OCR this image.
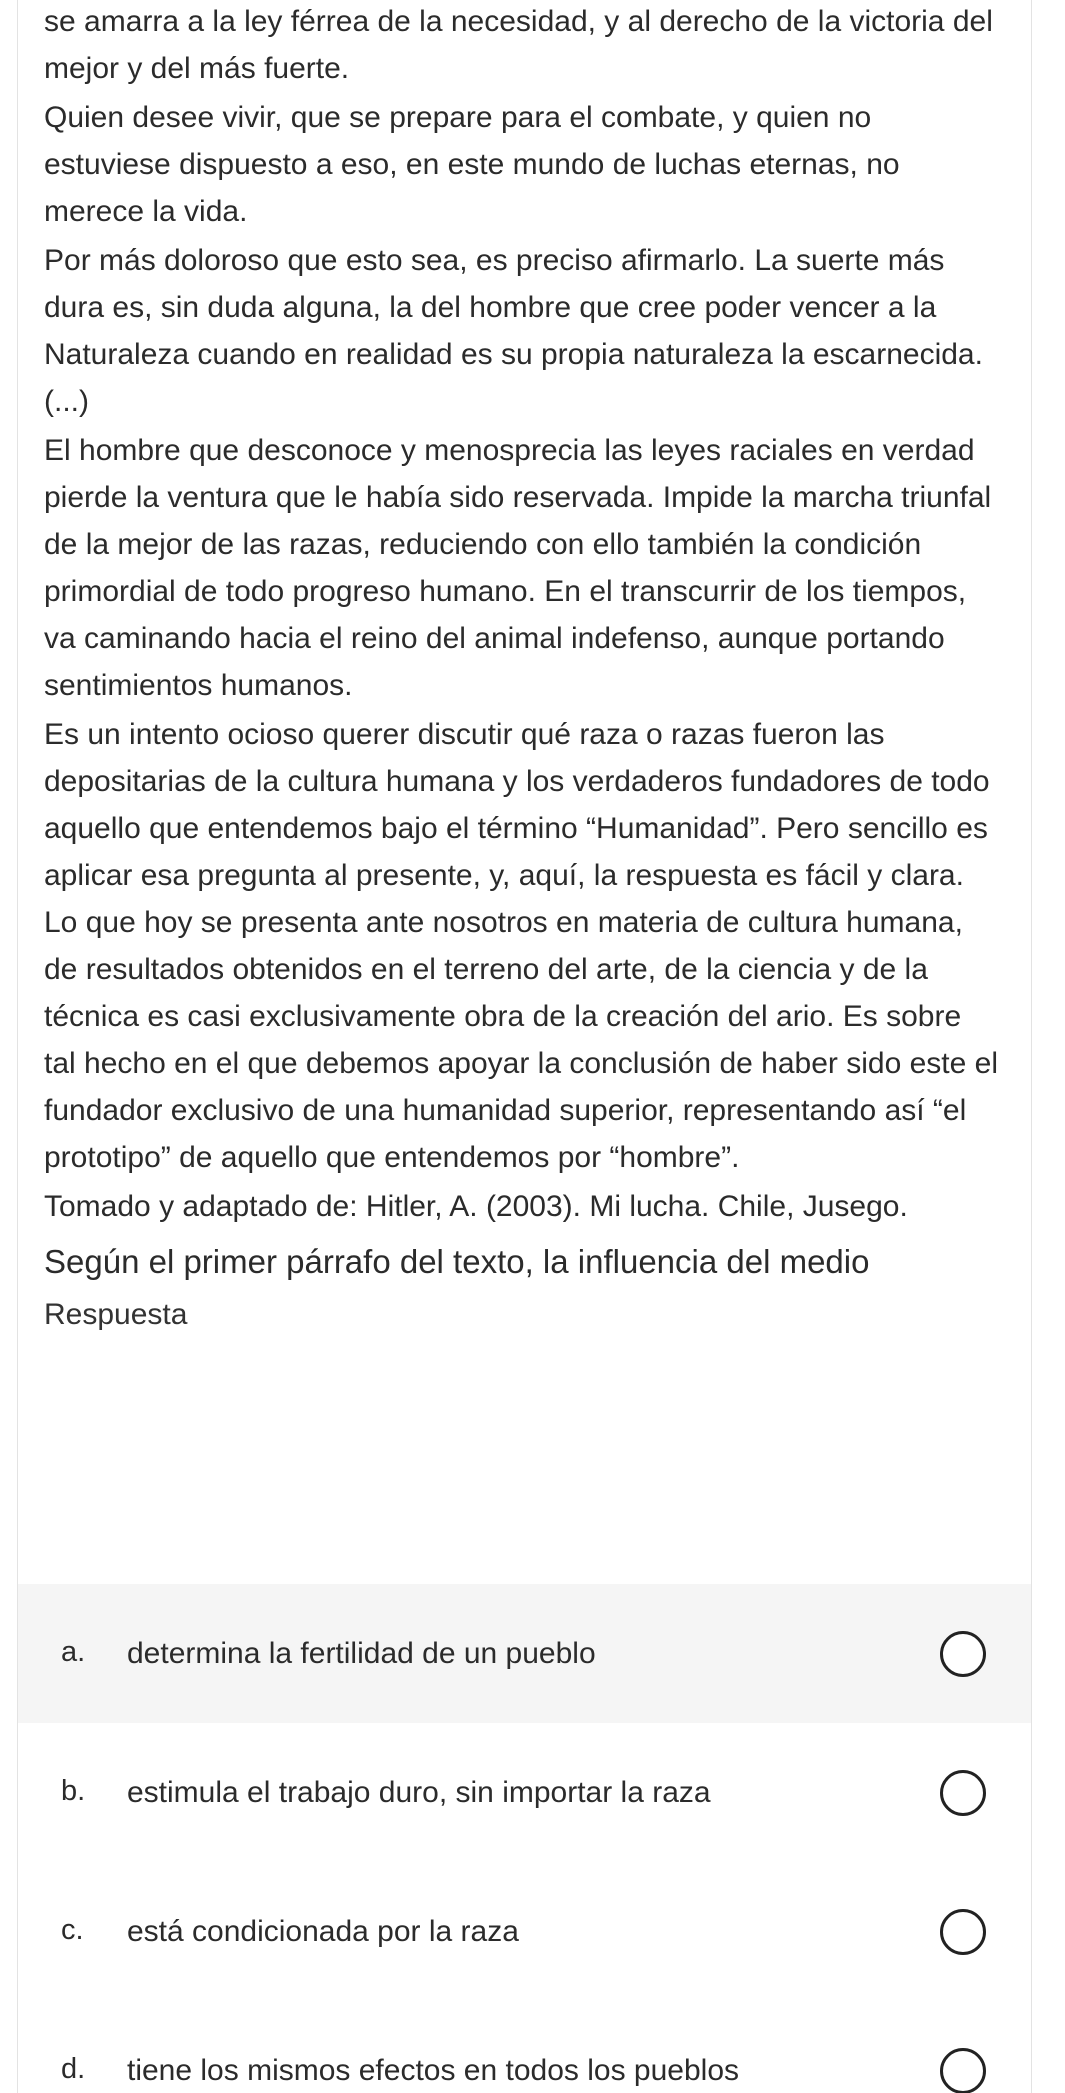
se amarra a la ley férrea de la necesidad, y al derecho de la victoria del mejor y del más fuerte.

Quien desee vivir, que se prepare para el combate, y quien no estuviese dispuesto a eso, en este mundo de luchas eternas, no merece la vida.

Por más doloroso que esto sea, es preciso afirmarlo. La suerte más dura es, sin duda alguna, la del hombre que cree poder vencer a la Naturaleza cuando en realidad es su propia naturaleza la escarnecida. (...)

El hombre que desconoce y menosprecia las leyes raciales en verdad pierde la ventura que le había sido reservada. Impide la marcha triunfal de la mejor de las razas, reduciendo con ello también la condición primordial de todo progreso humano. En el transcurrir de los tiempos, va caminando hacia el reino del animal indefenso, aunque portando sentimientos humanos.

Es un intento ocioso querer discutir qué raza o razas fueron las depositarias de la cultura humana y los verdaderos fundadores de todo aquello que entendemos bajo el término “Humanidad”. Pero sencillo es aplicar esa pregunta al presente, y, aquí, la respuesta es fácil y clara. Lo que hoy se presenta ante nosotros en materia de cultura humana, de resultados obtenidos en el terreno del arte, de la ciencia y de la técnica es casi exclusivamente obra de la creación del ario. Es sobre tal hecho en el que debemos apoyar la conclusión de haber sido este el fundador exclusivo de una humanidad superior, representando así “el prototipo” de aquello que entendemos por “hombre”.

Tomado y adaptado de: Hitler, A. (2003). Mi lucha. Chile, Jusego.

Según el primer párrafo del texto, la influencia del medio
Respuesta
a. determina la fertilidad de un pueblo
b. estimula el trabajo duro, sin importar la raza
c. está condicionada por la raza
d. tiene los mismos efectos en todos los pueblos
